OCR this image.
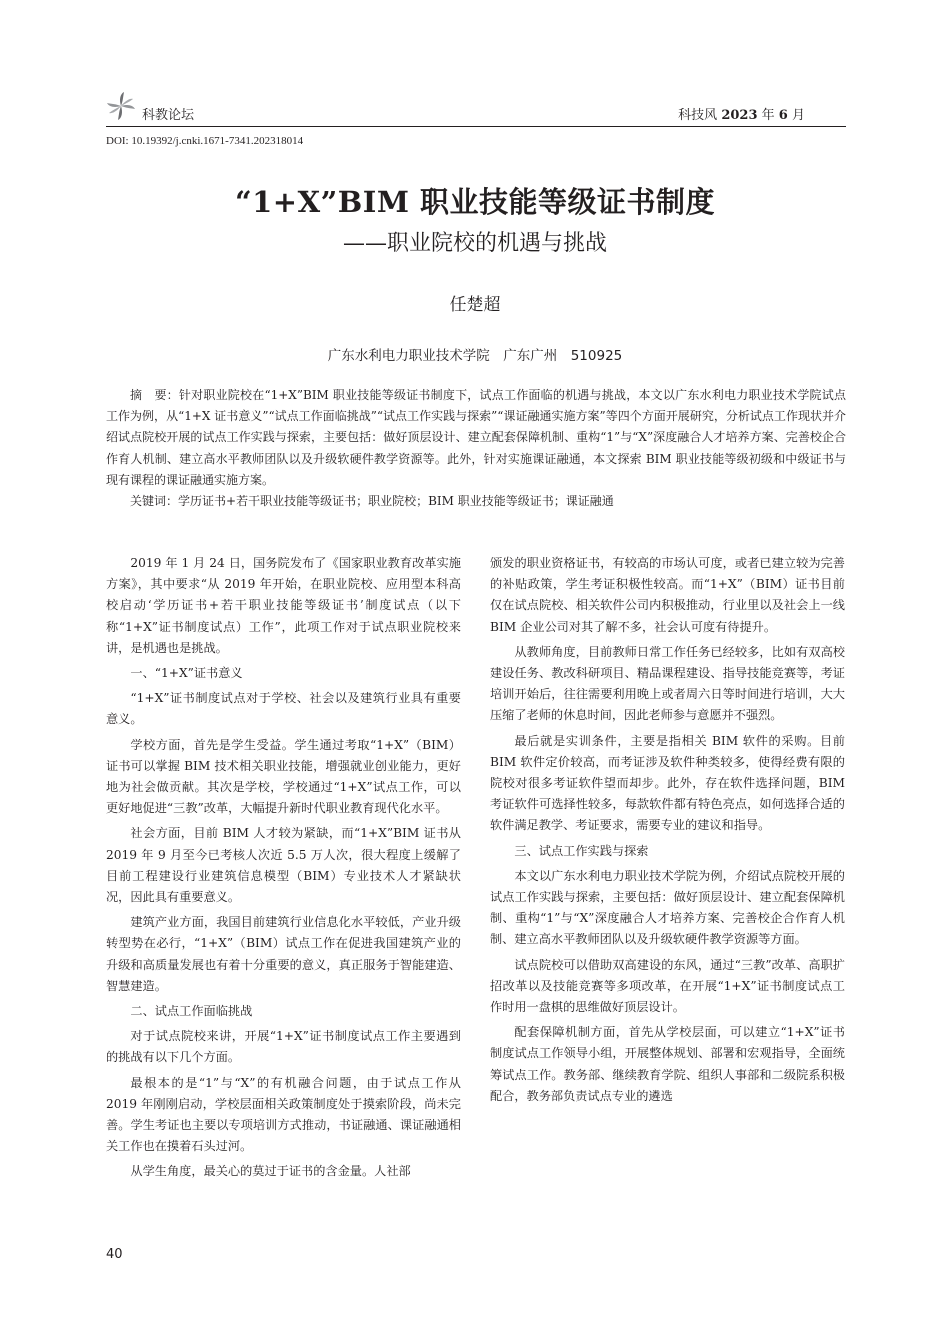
科教论坛	科技风 2023 年 6 月
DOI: 10.19392/j.cnki.1671-7341.202318014
“1+X”BIM 职业技能等级证书制度
——职业院校的机遇与挑战
任楚超
广东水利电力职业技术学院　广东广州　510925

摘　要：针对职业院校在“1+X”BIM 职业技能等级证书制度下，试点工作面临的机遇与挑战，本文以广东水利电力职业技术学院试点工作为例，从“1+X 证书意义”“试点工作面临挑战”“试点工作实践与探索”“课证融通实施方案”等四个方面开展研究，分析试点工作现状并介绍试点院校开展的试点工作实践与探索，主要包括：做好顶层设计、建立配套保障机制、重构“1”与“X”深度融合人才培养方案、完善校企合作育人机制、建立高水平教师团队以及升级软硬件教学资源等。此外，针对实施课证融通，本文探索 BIM 职业技能等级初级和中级证书与现有课程的课证融通实施方案。

关键词：学历证书+若干职业技能等级证书；职业院校；BIM 职业技能等级证书；课证融通

2019 年 1 月 24 日，国务院发布了《国家职业教育改革实施方案》，其中要求“从 2019 年开始，在职业院校、应用型本科高校启动‘学历证书+若干职业技能等级证书’制度试点（以下称“1+X”证书制度试点）工作”，此项工作对于试点职业院校来讲，是机遇也是挑战。

一、“1+X”证书意义

“1+X”证书制度试点对于学校、社会以及建筑行业具有重要意义。

学校方面，首先是学生受益。学生通过考取“1+X”（BIM）证书可以掌握 BIM 技术相关职业技能，增强就业创业能力，更好地为社会做贡献。其次是学校，学校通过“1+X”试点工作，可以更好地促进“三教”改革，大幅提升新时代职业教育现代化水平。

社会方面，目前 BIM 人才较为紧缺，而“1+X”BIM 证书从 2019 年 9 月至今已考核人次近 5.5 万人次，很大程度上缓解了目前工程建设行业建筑信息模型（BIM）专业技术人才紧缺状况，因此具有重要意义。

建筑产业方面，我国目前建筑行业信息化水平较低，产业升级转型势在必行，“1+X”（BIM）试点工作在促进我国建筑产业的升级和高质量发展也有着十分重要的意义，真正服务于智能建造、智慧建造。

二、试点工作面临挑战

对于试点院校来讲，开展“1+X”证书制度试点工作主要遇到的挑战有以下几个方面。

最根本的是“1”与“X”的有机融合问题，由于试点工作从 2019 年刚刚启动，学校层面相关政策制度处于摸索阶段，尚未完善。学生考证也主要以专项培训方式推动，书证融通、课证融通相关工作也在摸着石头过河。

从学生角度，最关心的莫过于证书的含金量。人社部

颁发的职业资格证书，有较高的市场认可度，或者已建立较为完善的补贴政策，学生考证积极性较高。而“1+X”（BIM）证书目前仅在试点院校、相关软件公司内积极推动，行业里以及社会上一线 BIM 企业公司对其了解不多，社会认可度有待提升。

从教师角度，目前教师日常工作任务已经较多，比如有双高校建设任务、教改科研项目、精品课程建设、指导技能竞赛等，考证培训开始后，往往需要利用晚上或者周六日等时间进行培训，大大压缩了老师的休息时间，因此老师参与意愿并不强烈。

最后就是实训条件，主要是指相关 BIM 软件的采购。目前 BIM 软件定价较高，而考证涉及软件种类较多，使得经费有限的院校对很多考证软件望而却步。此外，存在软件选择问题，BIM 考证软件可选择性较多，每款软件都有特色亮点，如何选择合适的软件满足教学、考证要求，需要专业的建议和指导。

三、试点工作实践与探索

本文以广东水利电力职业技术学院为例，介绍试点院校开展的试点工作实践与探索，主要包括：做好顶层设计、建立配套保障机制、重构“1”与“X”深度融合人才培养方案、完善校企合作育人机制、建立高水平教师团队以及升级软硬件教学资源等方面。

试点院校可以借助双高建设的东风，通过“三教”改革、高职扩招改革以及技能竞赛等多项改革，在开展“1+X”证书制度试点工作时用一盘棋的思维做好顶层设计。

配套保障机制方面，首先从学校层面，可以建立“1+X”证书制度试点工作领导小组，开展整体规划、部署和宏观指导，全面统筹试点工作。教务部、继续教育学院、组织人事部和二级院系积极配合，教务部负责试点专业的遴选

40
